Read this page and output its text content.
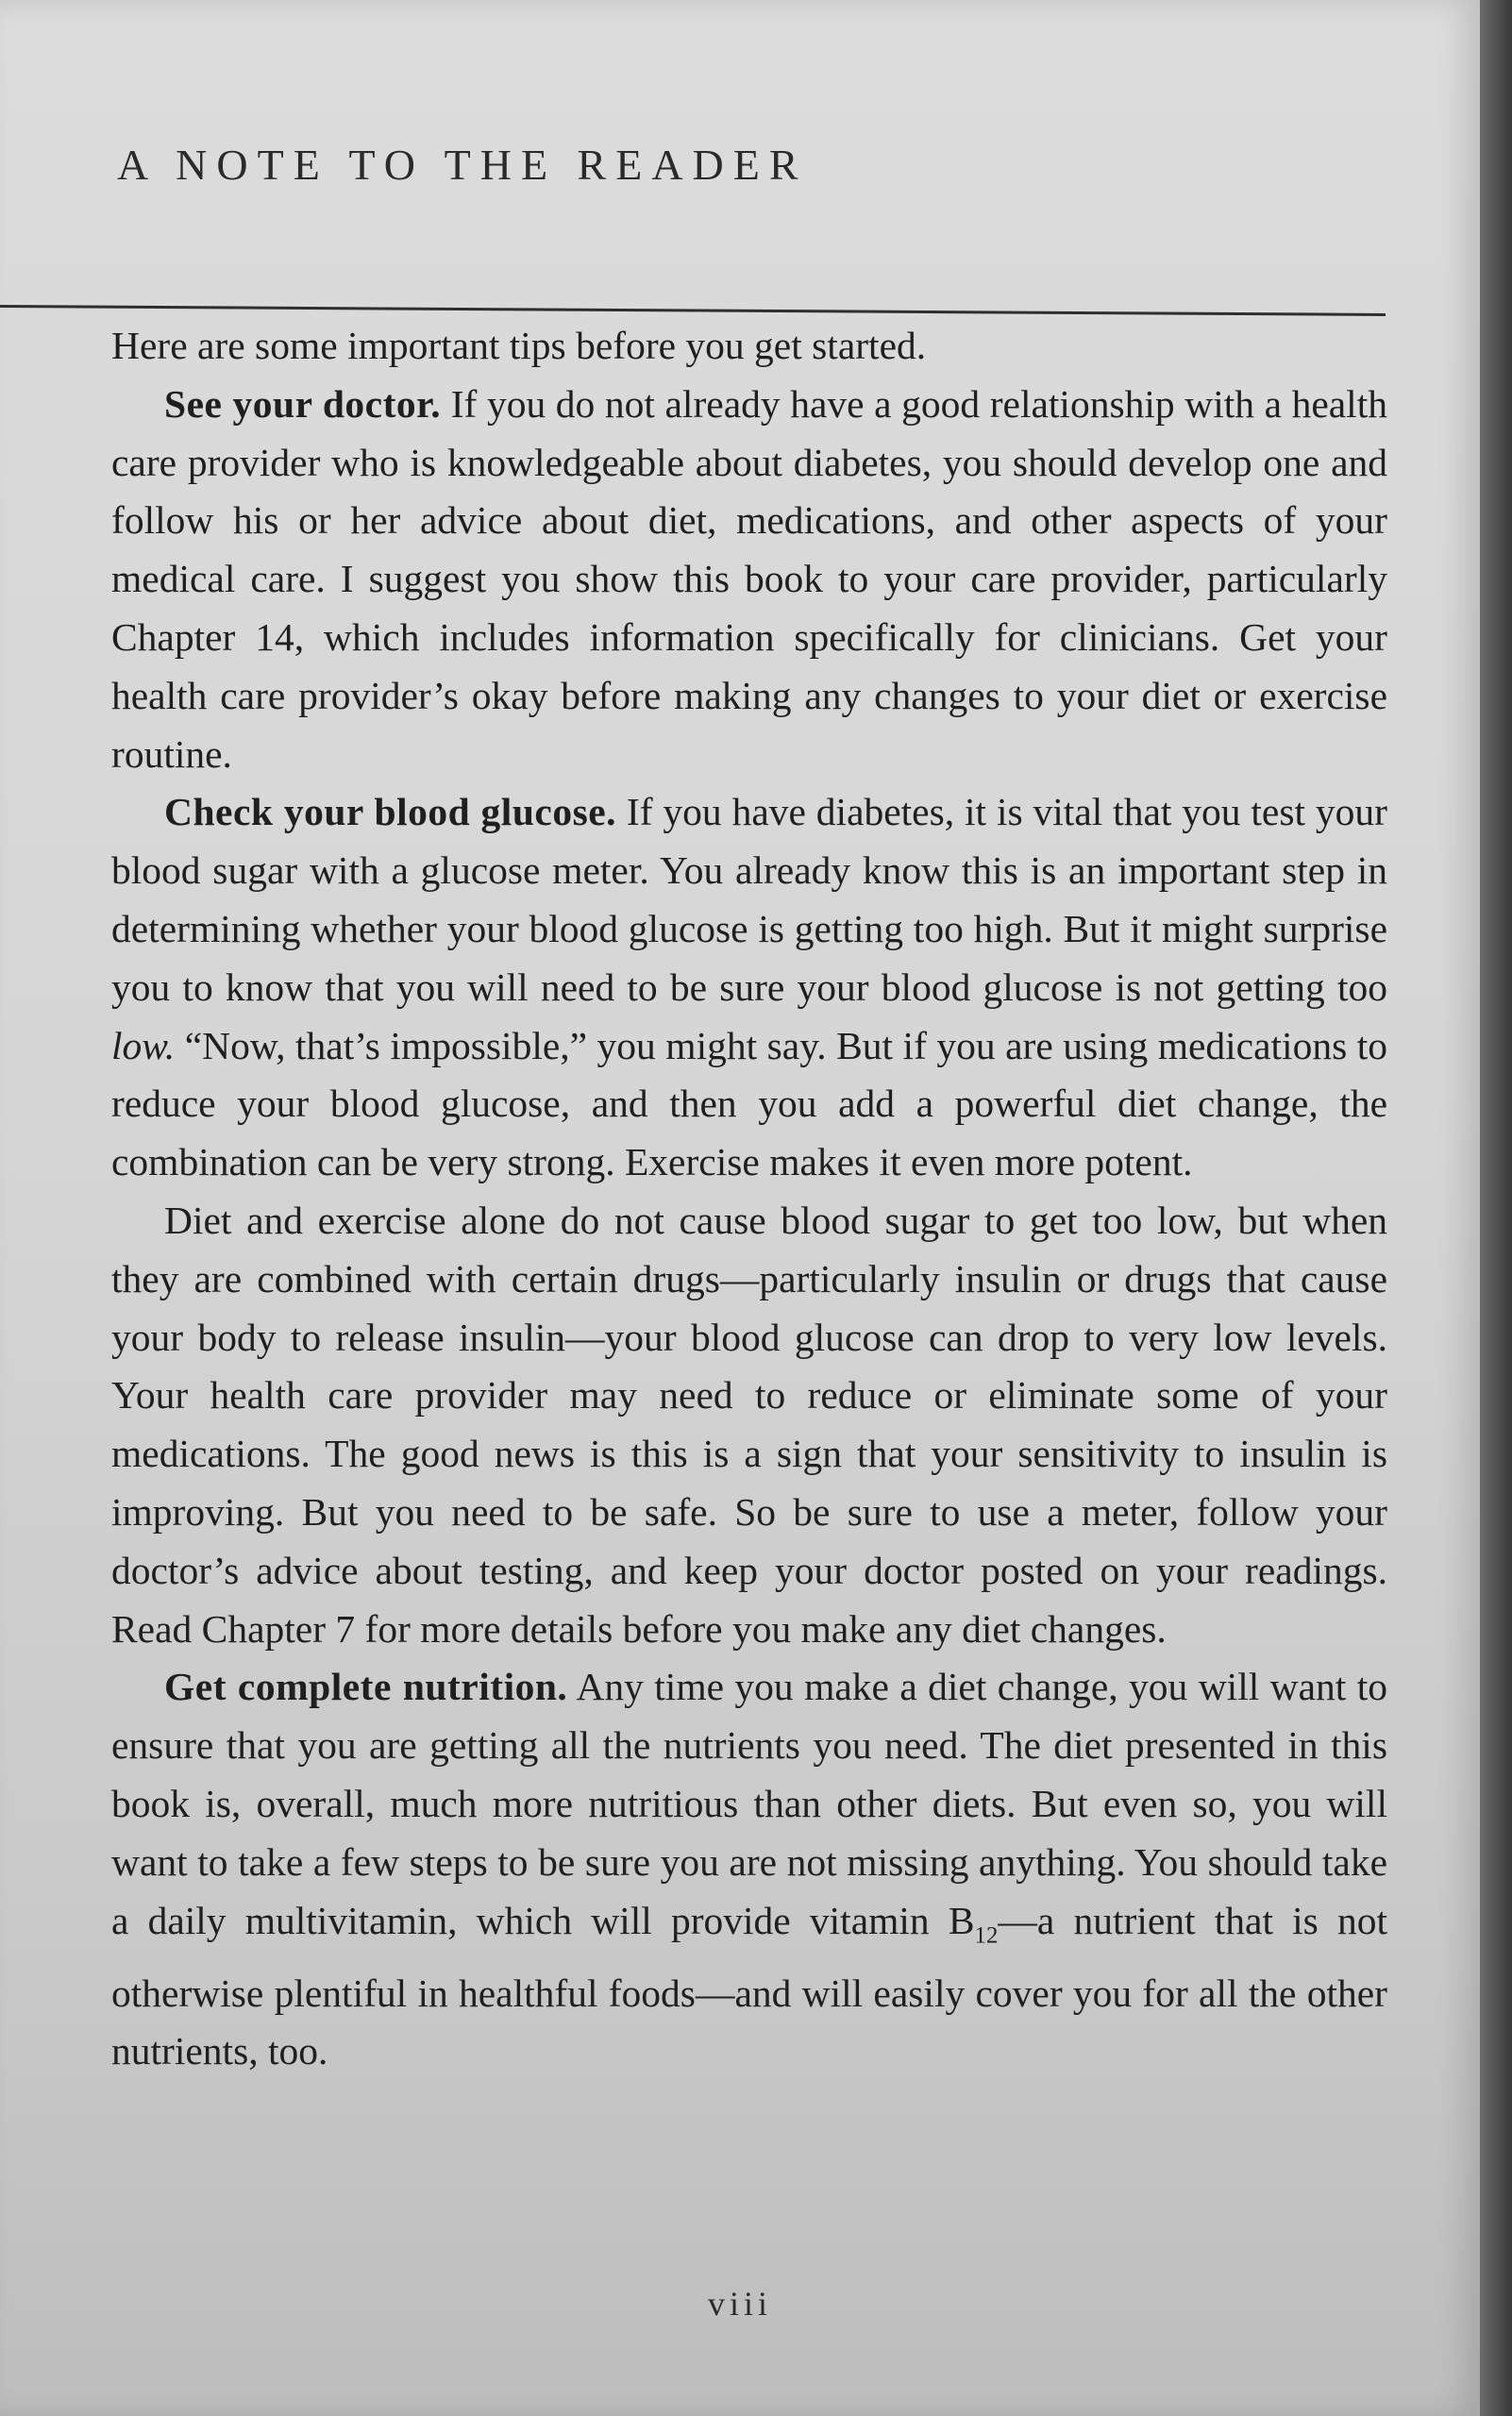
A NOTE TO THE READER

Here are some important tips before you get started.

See your doctor. If you do not already have a good relationship with a health care provider who is knowledgeable about diabetes, you should develop one and follow his or her advice about diet, medications, and other aspects of your medical care. I suggest you show this book to your care provider, particularly Chapter 14, which includes information specifically for clinicians. Get your health care provider’s okay before making any changes to your diet or exercise routine.

Check your blood glucose. If you have diabetes, it is vital that you test your blood sugar with a glucose meter. You already know this is an important step in determining whether your blood glucose is getting too high. But it might surprise you to know that you will need to be sure your blood glucose is not getting too low. “Now, that’s impossible,” you might say. But if you are using medications to reduce your blood glucose, and then you add a powerful diet change, the combination can be very strong. Exercise makes it even more potent.

Diet and exercise alone do not cause blood sugar to get too low, but when they are combined with certain drugs—particularly insulin or drugs that cause your body to release insulin—your blood glucose can drop to very low levels. Your health care provider may need to reduce or eliminate some of your medications. The good news is this is a sign that your sensitivity to insulin is improving. But you need to be safe. So be sure to use a meter, follow your doctor’s advice about testing, and keep your doctor posted on your readings. Read Chapter 7 for more details before you make any diet changes.

Get complete nutrition. Any time you make a diet change, you will want to ensure that you are getting all the nutrients you need. The diet presented in this book is, overall, much more nutritious than other diets. But even so, you will want to take a few steps to be sure you are not missing anything. You should take a daily multivitamin, which will provide vitamin $B_{12}—a$ nutrient that is not otherwise plentiful in healthful foods—and will easily cover you for all the other nutrients, too.

viii
